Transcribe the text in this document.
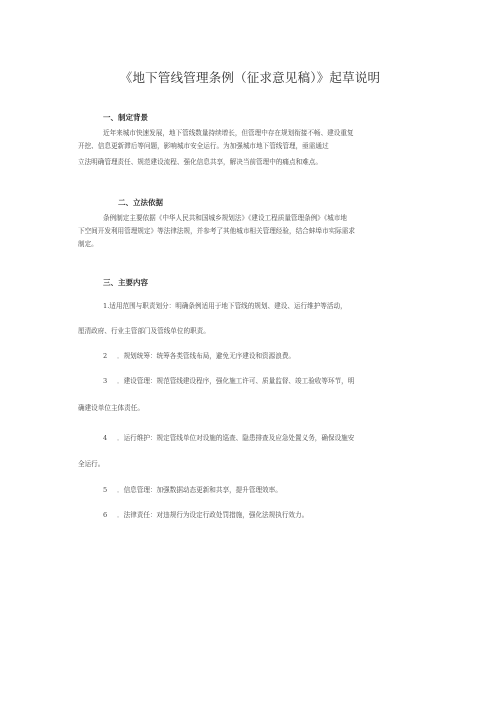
《地下管线管理条例（征求意见稿）》起草说明
一、制定背景
近年来城市快速发展，地下管线数量持续增长，但管理中存在规划衔接不畅、建设重复
开挖、信息更新滞后等问题，影响城市安全运行。为加强城市地下管线管理，亟需通过
立法明确管理责任、规范建设流程、强化信息共享，解决当前管理中的痛点和难点。
二、立法依据
条例制定主要依据《中华人民共和国城乡规划法》《建设工程质量管理条例》《城市地
下空间开发利用管理规定》等法律法规，并参考了其他城市相关管理经验，结合蚌埠市实际需求
制定。
三、主要内容
1.适用范围与职责划分：明确条例适用于地下管线的规划、建设、运行维护等活动，
厘清政府、行业主管部门及管线单位的职责。
2 ．规划统筹：统筹各类管线布局，避免无序建设和资源浪费。
3 ．建设管理：规范管线建设程序，强化施工许可、质量监督、竣工验收等环节，明
确建设单位主体责任。
4 ．运行维护：规定管线单位对设施的巡查、隐患排查及应急处置义务，确保设施安
全运行。
5 ．信息管理：加强数据动态更新和共享，提升管理效率。
6 ．法律责任：对违规行为设定行政处罚措施，强化法规执行效力。
